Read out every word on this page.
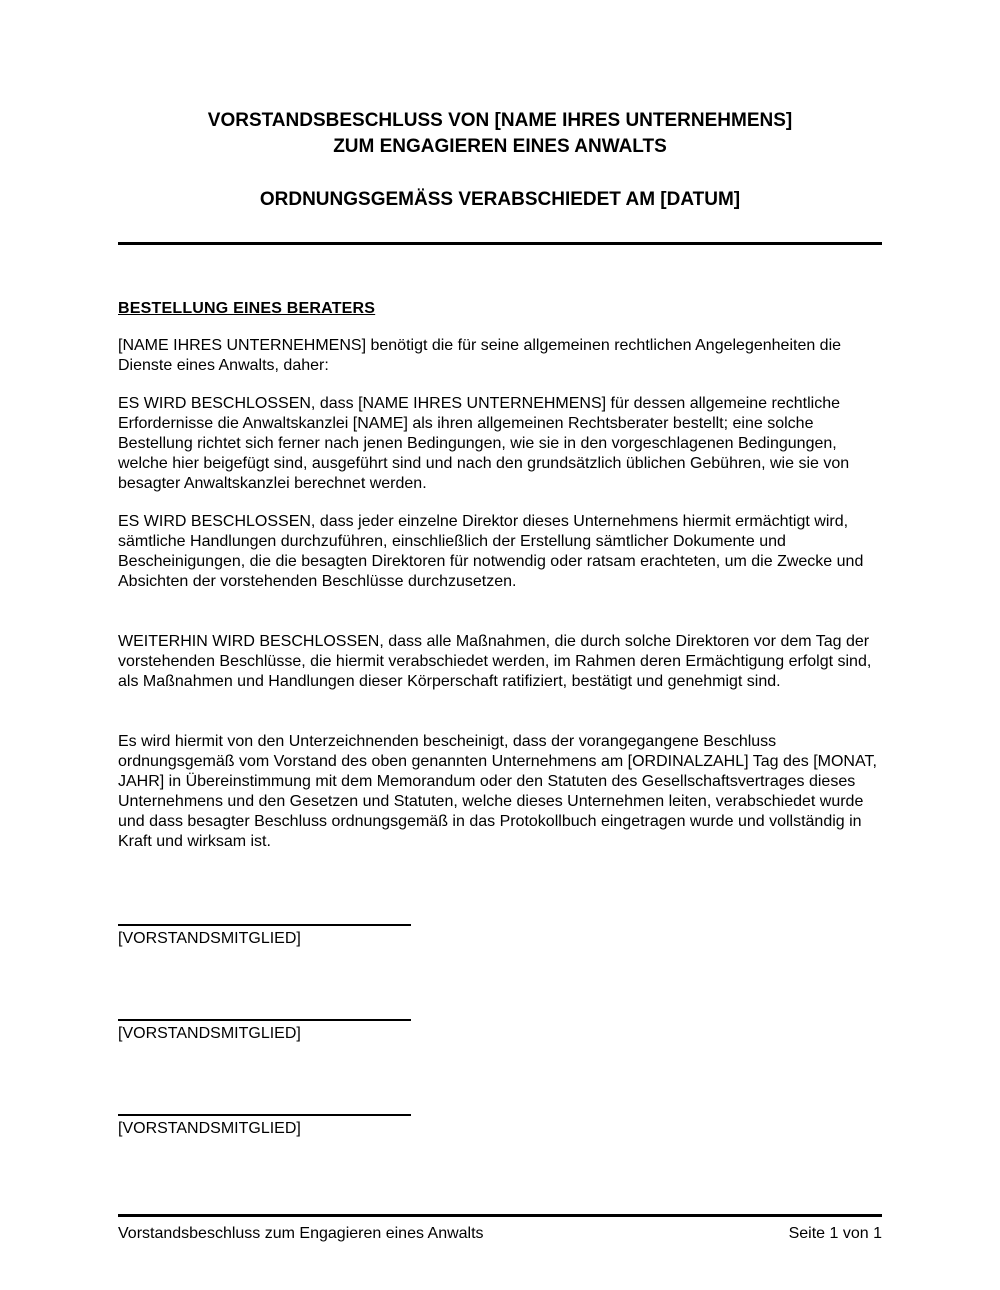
VORSTANDSBESCHLUSS VON [NAME IHRES UNTERNEHMENS]
ZUM ENGAGIEREN EINES ANWALTS
ORDNUNGSGEMÄSS VERABSCHIEDET AM [DATUM]
BESTELLUNG EINES BERATERS

[NAME IHRES UNTERNEHMENS] benötigt die für seine allgemeinen rechtlichen Angelegenheiten die Dienste eines Anwalts, daher:

ES WIRD BESCHLOSSEN, dass [NAME IHRES UNTERNEHMENS] für dessen allgemeine rechtliche Erfordernisse die Anwaltskanzlei [NAME] als ihren allgemeinen Rechtsberater bestellt; eine solche Bestellung richtet sich ferner nach jenen Bedingungen, wie sie in den vorgeschlagenen Bedingungen, welche hier beigefügt sind, ausgeführt sind und nach den grundsätzlich üblichen Gebühren, wie sie von besagter Anwaltskanzlei berechnet werden.

ES WIRD BESCHLOSSEN, dass jeder einzelne Direktor dieses Unternehmens hiermit ermächtigt wird, sämtliche Handlungen durchzuführen, einschließlich der Erstellung sämtlicher Dokumente und Bescheinigungen, die die besagten Direktoren für notwendig oder ratsam erachteten, um die Zwecke und Absichten der vorstehenden Beschlüsse durchzusetzen.

WEITERHIN WIRD BESCHLOSSEN, dass alle Maßnahmen, die durch solche Direktoren vor dem Tag der vorstehenden Beschlüsse, die hiermit verabschiedet werden, im Rahmen deren Ermächtigung erfolgt sind, als Maßnahmen und Handlungen dieser Körperschaft ratifiziert, bestätigt und genehmigt sind.

Es wird hiermit von den Unterzeichnenden bescheinigt, dass der vorangegangene Beschluss ordnungsgemäß vom Vorstand des oben genannten Unternehmens am [ORDINALZAHL] Tag des [MONAT, JAHR] in Übereinstimmung mit dem Memorandum oder den Statuten des Gesellschaftsvertrages dieses Unternehmens und den Gesetzen und Statuten, welche dieses Unternehmen leiten, verabschiedet wurde und dass besagter Beschluss ordnungsgemäß in das Protokollbuch eingetragen wurde und vollständig in Kraft und wirksam ist.

[VORSTANDSMITGLIED]
[VORSTANDSMITGLIED]
[VORSTANDSMITGLIED]
Vorstandsbeschluss zum Engagieren eines Anwalts	Seite 1 von 1
